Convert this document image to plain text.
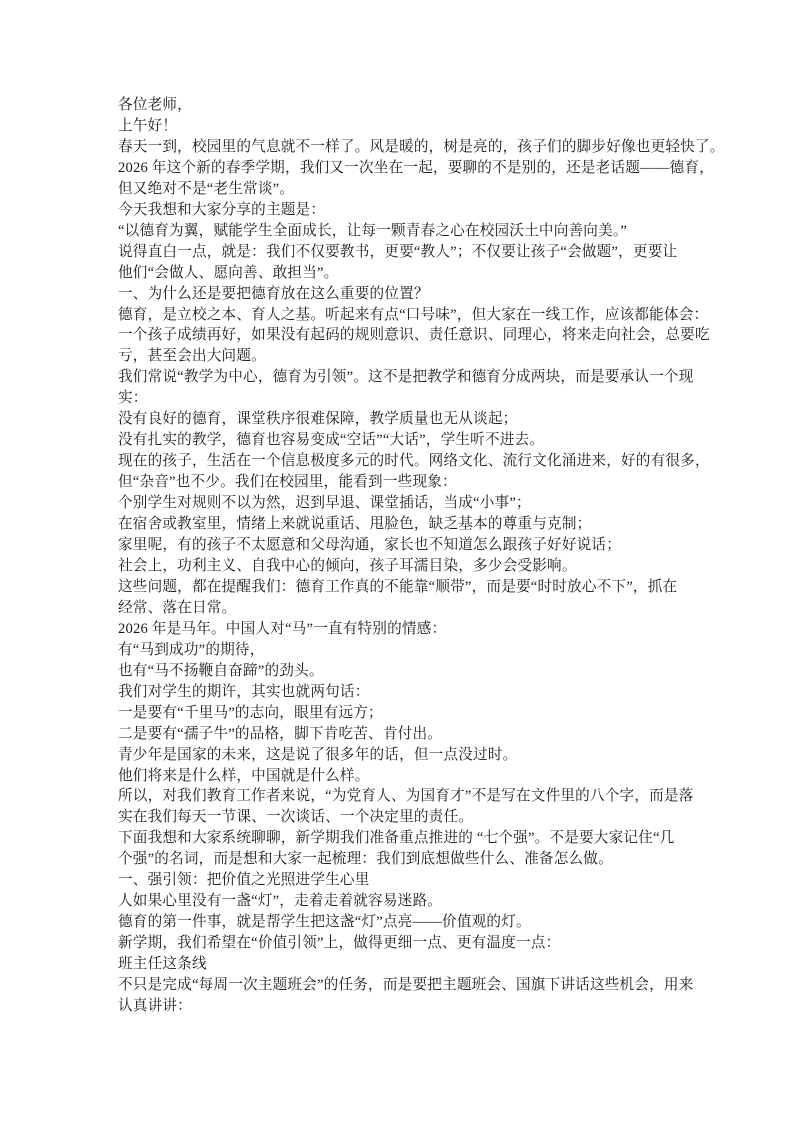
各位老师，
上午好！
春天一到，校园里的气息就不一样了。风是暖的，树是亮的，孩子们的脚步好像也更轻快了。
2026 年这个新的春季学期，我们又一次坐在一起，要聊的不是别的，还是老话题——德育，
但又绝对不是“老生常谈”。
今天我想和大家分享的主题是：
“以德育为翼，赋能学生全面成长，让每一颗青春之心在校园沃土中向善向美。”
说得直白一点，就是：我们不仅要教书，更要“教人”；不仅要让孩子“会做题”，更要让
他们“会做人、愿向善、敢担当”。
一、为什么还是要把德育放在这么重要的位置？
德育，是立校之本、育人之基。听起来有点“口号味”，但大家在一线工作，应该都能体会：
一个孩子成绩再好，如果没有起码的规则意识、责任意识、同理心，将来走向社会，总要吃
亏，甚至会出大问题。
我们常说“教学为中心，德育为引领”。这不是把教学和德育分成两块，而是要承认一个现
实：
没有良好的德育，课堂秩序很难保障，教学质量也无从谈起；
没有扎实的教学，德育也容易变成“空话”“大话”，学生听不进去。
现在的孩子，生活在一个信息极度多元的时代。网络文化、流行文化涌进来，好的有很多，
但“杂音”也不少。我们在校园里，能看到一些现象：
个别学生对规则不以为然，迟到早退、课堂插话，当成“小事”；
在宿舍或教室里，情绪上来就说重话、甩脸色，缺乏基本的尊重与克制；
家里呢，有的孩子不太愿意和父母沟通，家长也不知道怎么跟孩子好好说话；
社会上，功利主义、自我中心的倾向，孩子耳濡目染，多少会受影响。
这些问题，都在提醒我们：德育工作真的不能靠“顺带”，而是要“时时放心不下”，抓在
经常、落在日常。
2026 年是马年。中国人对“马”一直有特别的情感：
有“马到成功”的期待，
也有“马不扬鞭自奋蹄”的劲头。
我们对学生的期许，其实也就两句话：
一是要有“千里马”的志向，眼里有远方；
二是要有“孺子牛”的品格，脚下肯吃苦、肯付出。
青少年是国家的未来，这是说了很多年的话，但一点没过时。
他们将来是什么样，中国就是什么样。
所以，对我们教育工作者来说，“为党育人、为国育才”不是写在文件里的八个字，而是落
实在我们每天一节课、一次谈话、一个决定里的责任。
下面我想和大家系统聊聊，新学期我们准备重点推进的 “七个强”。不是要大家记住“几
个强”的名词，而是想和大家一起梳理：我们到底想做些什么、准备怎么做。
一、强引领：把价值之光照进学生心里
人如果心里没有一盏“灯”，走着走着就容易迷路。
德育的第一件事，就是帮学生把这盏“灯”点亮——价值观的灯。
新学期，我们希望在“价值引领”上，做得更细一点、更有温度一点：
班主任这条线
不只是完成“每周一次主题班会”的任务，而是要把主题班会、国旗下讲话这些机会，用来
认真讲讲：
